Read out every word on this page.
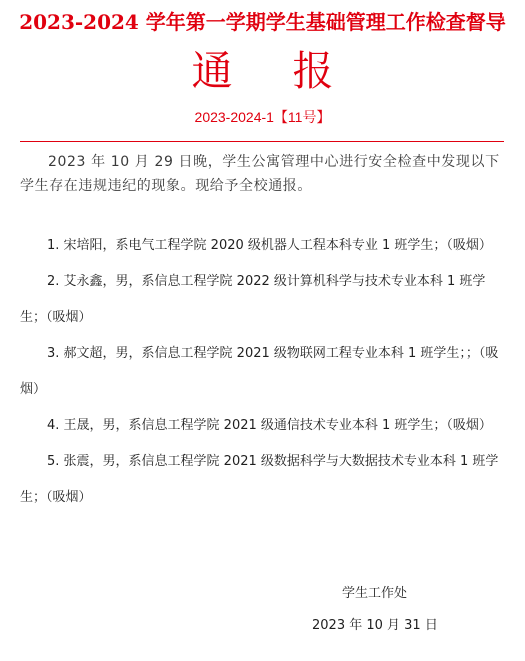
2023-2024 学年第一学期学生基础管理工作检查督导
通报
2023-2024-1【11号】
2023 年 10 月 29 日晚，学生公寓管理中心进行安全检查中发现以下学生存在违规违纪的现象。现给予全校通报。
1. 宋培阳，系电气工程学院 2020 级机器人工程本科专业 1 班学生；（吸烟）
2. 艾永鑫，男，系信息工程学院 2022 级计算机科学与技术专业本科 1 班学生；（吸烟）
3. 郝文超，男，系信息工程学院 2021 级物联网工程专业本科 1 班学生；；（吸烟）
4. 王晟，男，系信息工程学院 2021 级通信技术专业本科 1 班学生；（吸烟）
5. 张震，男，系信息工程学院 2021 级数据科学与大数据技术专业本科 1 班学生；（吸烟）
学生工作处
2023 年 10 月 31 日
